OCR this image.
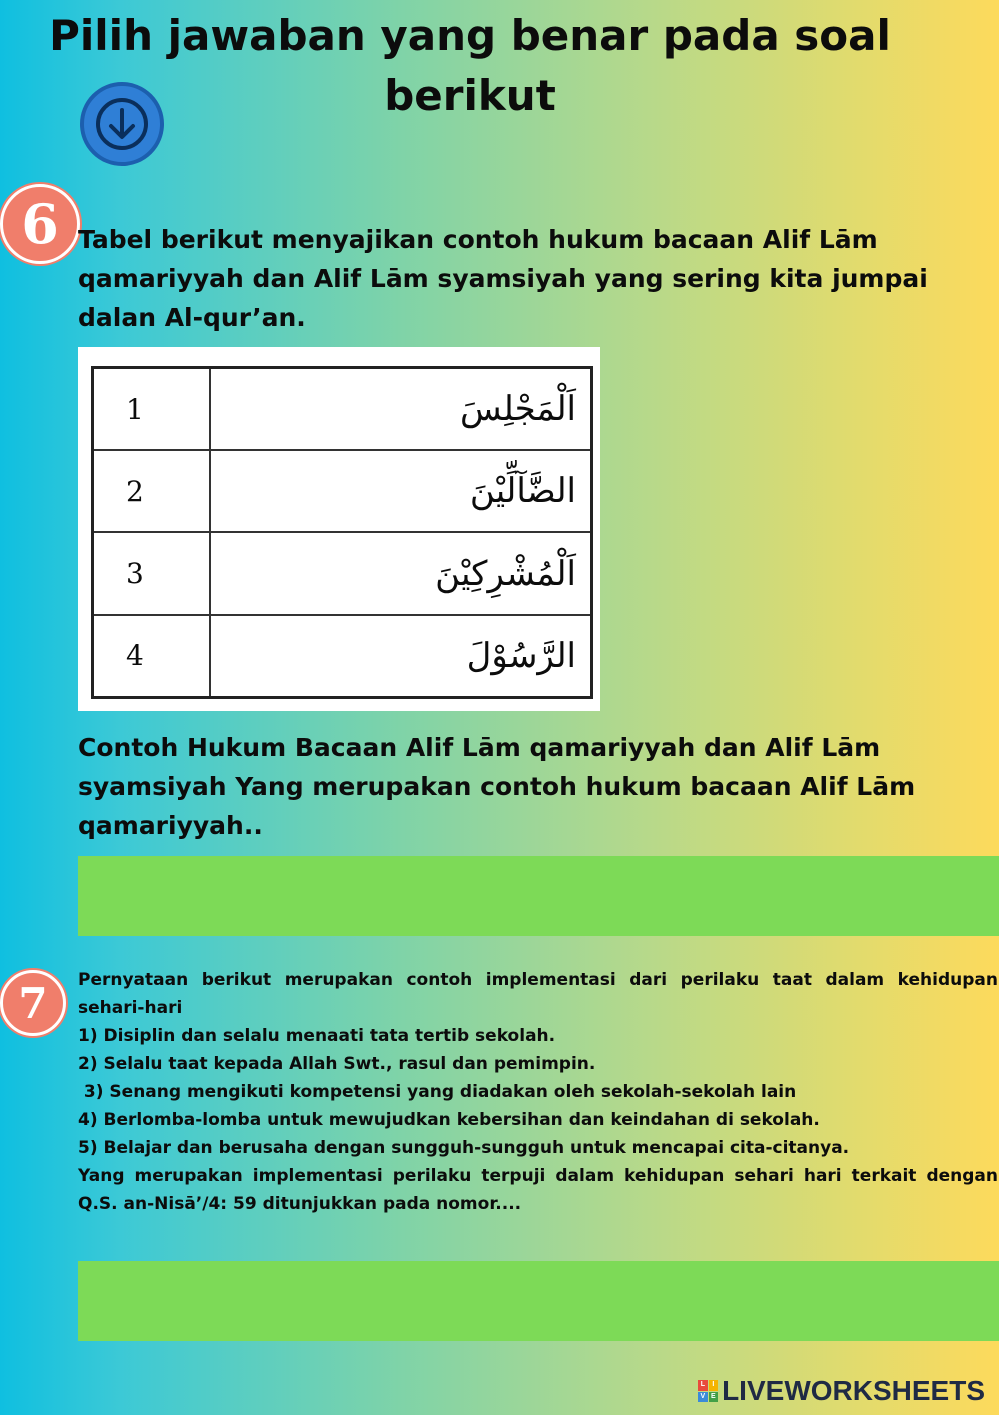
Pilih jawaban yang benar pada soal berikut
6 Tabel berikut menyajikan contoh hukum bacaan Alif Lām qamariyyah dan Alif Lām syamsiyah yang sering kita jumpai dalan Al-qur’an.
1	اَلْمَجْلِسَ
2	الضَّآلِّيْنَ
3	اَلْمُشْرِكِيْنَ
4	الرَّسُوْلَ
Contoh Hukum Bacaan Alif Lām qamariyyah dan Alif Lām syamsiyah Yang merupakan contoh hukum bacaan Alif Lām qamariyyah..
7	Pernyataan berikut merupakan contoh implementasi dari perilaku taat dalam kehidupan sehari-hari
1) Disiplin dan selalu menaati tata tertib sekolah.
2) Selalu taat kepada Allah Swt., rasul dan pemimpin.
3) Senang mengikuti kompetensi yang diadakan oleh sekolah-sekolah lain
4) Berlomba-lomba untuk mewujudkan kebersihan dan keindahan di sekolah.
5) Belajar dan berusaha dengan sungguh-sungguh untuk mencapai cita-citanya.
Yang merupakan implementasi perilaku terpuji dalam kehidupan sehari hari terkait dengan Q.S. an-Nisā’/4: 59 ditunjukkan pada nomor....
L	I
V E LIVEWORKSHEETS
